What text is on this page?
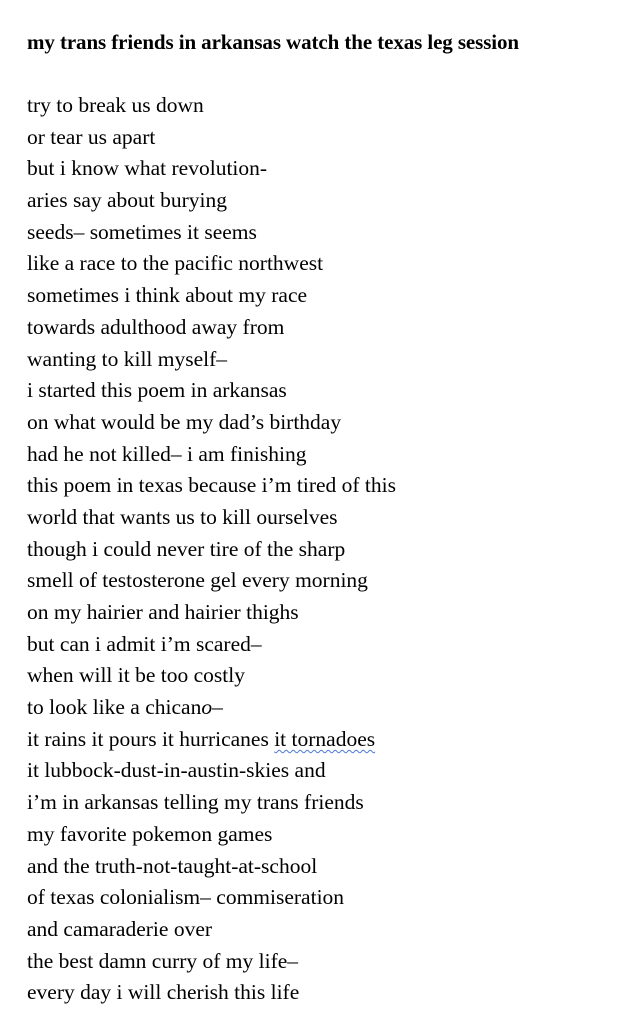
my trans friends in arkansas watch the texas leg session
try to break us down
or tear us apart
but i know what revolution-
aries say about burying
seeds– sometimes it seems
like a race to the pacific northwest
sometimes i think about my race
towards adulthood away from
wanting to kill myself–
i started this poem in arkansas
on what would be my dad’s birthday
had he not killed– i am finishing
this poem in texas because i’m tired of this
world that wants us to kill ourselves
though i could never tire of the sharp
smell of testosterone gel every morning
on my hairier and hairier thighs
but can i admit i’m scared–
when will it be too costly
to look like a chicano–
it rains it pours it hurricanes it tornadoes
it lubbock-dust-in-austin-skies and
i’m in arkansas telling my trans friends
my favorite pokemon games
and the truth-not-taught-at-school
of texas colonialism– commiseration
and camaraderie over
the best damn curry of my life–
every day i will cherish this life
